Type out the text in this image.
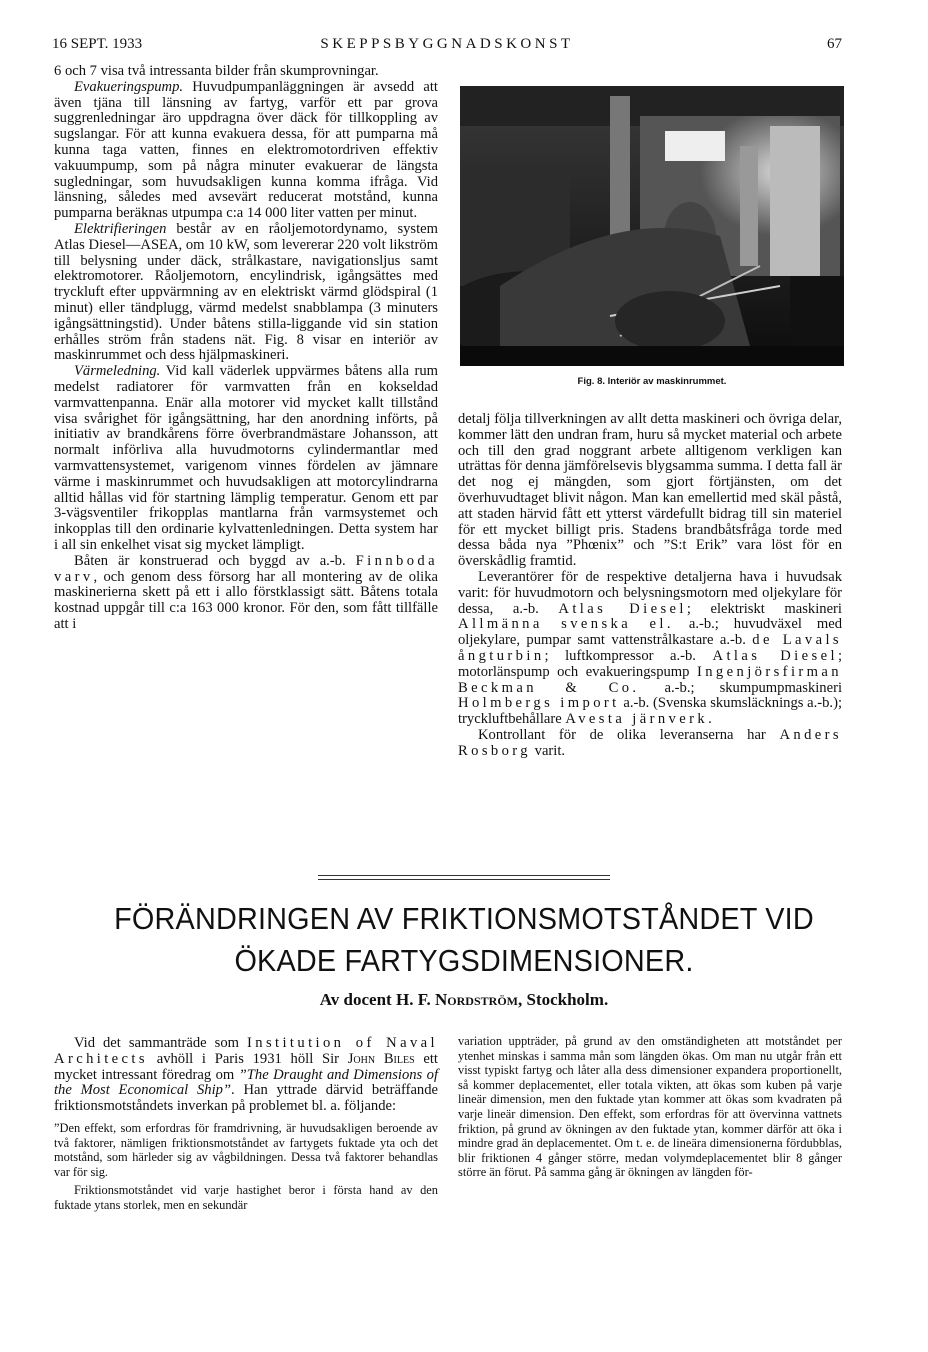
16 SEPT. 1933	SKEPPSBYGGNADSKONST	67

6 och 7 visa två intressanta bilder från skumprovningar.

Evakueringspump. Huvudpumpanläggningen är avsedd att även tjäna till länsning av fartyg, varför ett par grova suggrenledningar äro uppdragna över däck för tillkoppling av sugslangar. För att kunna evakuera dessa, för att pumparna må kunna taga vatten, finnes en elektromotordriven effektiv vakuumpump, som på några minuter evakuerar de längsta sugledningar, som huvudsakligen kunna komma ifråga. Vid länsning, således med avsevärt reducerat motstånd, kunna pumparna beräknas utpumpa c:a 14 000 liter vatten per minut.

Elektrifieringen består av en råoljemotordynamo, system Atlas Diesel—ASEA, om 10 kW, som levererar 220 volt likström till belysning under däck, strålkastare, navigationsljus samt elektromotorer. Råoljemotorn, encylindrisk, igångsättes med tryckluft efter uppvärmning av en elektriskt värmd glödspiral (1 minut) eller tändplugg, värmd medelst snabblampa (3 minuters igångsättningstid). Under båtens stilla-liggande vid sin station erhålles ström från stadens nät. Fig. 8 visar en interiör av maskinrummet och dess hjälpmaskineri.

Värmeledning. Vid kall väderlek uppvärmes båtens alla rum medelst radiatorer för varmvatten från en kokseldad varmvattenpanna. Enär alla motorer vid mycket kallt tillstånd visa svårighet för igångsättning, har den anordning införts, på initiativ av brandkårens förre överbrandmästare Johansson, att normalt införliva alla huvudmotorns cylindermantlar med varmvattensystemet, varigenom vinnes fördelen av jämnare värme i maskinrummet och huvudsakligen att motorcylindrarna alltid hållas vid för startning lämplig temperatur. Genom ett par 3-vägsventiler frikopplas mantlarna från varmsystemet och inkopplas till den ordinarie kylvattenledningen. Detta system har i all sin enkelhet visat sig mycket lämpligt.

Båten är konstruerad och byggd av a.-b. Finnboda varv, och genom dess försorg har all montering av de olika maskinerierna skett på ett i allo förstklassigt sätt. Båtens totala kostnad uppgår till c:a 163 000 kronor. För den, som fått tillfälle att i

Fig. 8. Interiör av maskinrummet.

detalj följa tillverkningen av allt detta maskineri och övriga delar, kommer lätt den undran fram, huru så mycket material och arbete och till den grad noggrant arbete alltigenom verkligen kan uträttas för denna jämförelsevis blygsamma summa. I detta fall är det nog ej mängden, som gjort förtjänsten, om det överhuvudtaget blivit någon. Man kan emellertid med skäl påstå, att staden härvid fått ett ytterst värdefullt bidrag till sin materiel för ett mycket billigt pris. Stadens brandbåtsfråga torde med dessa båda nya ”Phœnix” och ”S:t Erik” vara löst för en överskådlig framtid.

Leverantörer för de respektive detaljerna hava i huvudsak varit: för huvudmotorn och belysningsmotorn med oljekylare för dessa, a.-b. Atlas Diesel; elektriskt maskineri Allmänna svenska el. a.-b.; huvudväxel med oljekylare, pumpar samt vattenstrålkastare a.-b. de Lavals ångturbin; luftkompressor a.-b. Atlas Diesel; motorlänspump och evakueringspump Ingenjörsfirman Beckman & Co. a.-b.; skumpumpmaskineri Holmbergs import a.-b. (Svenska skumsläcknings a.-b.); tryckluftbehållare Avesta järnverk.

Kontrollant för de olika leveranserna har Anders Rosborg varit.

FÖRÄNDRINGEN AV FRIKTIONSMOTSTÅNDET VID
ÖKADE FARTYGSDIMENSIONER.
Av docent H. F. Nordström, Stockholm.

Vid det sammanträde som Institution of Naval Architects avhöll i Paris 1931 höll Sir John Biles ett mycket intressant föredrag om ”The Draught and Dimensions of the Most Economical Ship”. Han yttrade därvid beträffande friktionsmotståndets inverkan på problemet bl. a. följande:

”Den effekt, som erfordras för framdrivning, är huvudsakligen beroende av två faktorer, nämligen friktionsmotståndet av fartygets fuktade yta och det motstånd, som härleder sig av vågbildningen. Dessa två faktorer behandlas var för sig.

Friktionsmotståndet vid varje hastighet beror i första hand av den fuktade ytans storlek, men en sekundär

variation uppträder, på grund av den omständigheten att motståndet per ytenhet minskas i samma mån som längden ökas. Om man nu utgår från ett visst typiskt fartyg och låter alla dess dimensioner expandera proportionellt, så kommer deplacementet, eller totala vikten, att ökas som kuben på varje lineär dimension, men den fuktade ytan kommer att ökas som kvadraten på varje lineär dimension. Den effekt, som erfordras för att övervinna vattnets friktion, på grund av ökningen av den fuktade ytan, kommer därför att öka i mindre grad än deplacementet. Om t. e. de lineära dimensionerna fördubblas, blir friktionen 4 gånger större, medan volymdeplacementet blir 8 gånger större än förut. På samma gång är ökningen av längden för-
